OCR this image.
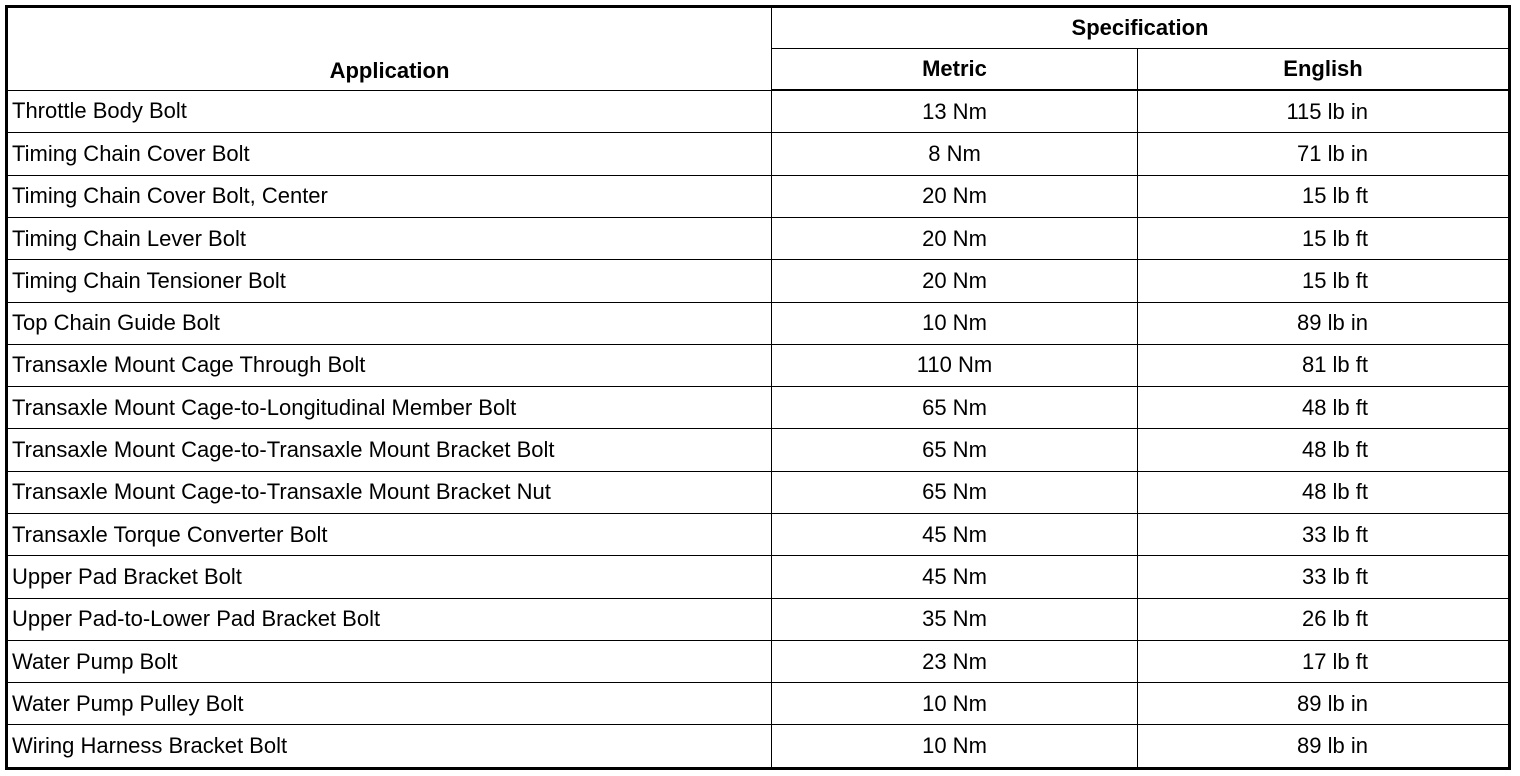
Application	Specification	
	Metric	English
Throttle Body Bolt	13 Nm	115 lb in
Timing Chain Cover Bolt	8 Nm	71 lb in
Timing Chain Cover Bolt, Center	20 Nm	15 lb ft
Timing Chain Lever Bolt	20 Nm	15 lb ft
Timing Chain Tensioner Bolt	20 Nm	15 lb ft
Top Chain Guide Bolt	10 Nm	89 lb in
Transaxle Mount Cage Through Bolt	110 Nm	81 lb ft
Transaxle Mount Cage-to-Longitudinal Member Bolt	65 Nm	48 lb ft
Transaxle Mount Cage-to-Transaxle Mount Bracket Bolt	65 Nm	48 lb ft
Transaxle Mount Cage-to-Transaxle Mount Bracket Nut	65 Nm	48 lb ft
Transaxle Torque Converter Bolt	45 Nm	33 lb ft
Upper Pad Bracket Bolt	45 Nm	33 lb ft
Upper Pad-to-Lower Pad Bracket Bolt	35 Nm	26 lb ft
Water Pump Bolt	23 Nm	17 lb ft
Water Pump Pulley Bolt	10 Nm	89 lb in
Wiring Harness Bracket Bolt	10 Nm	89 lb in
